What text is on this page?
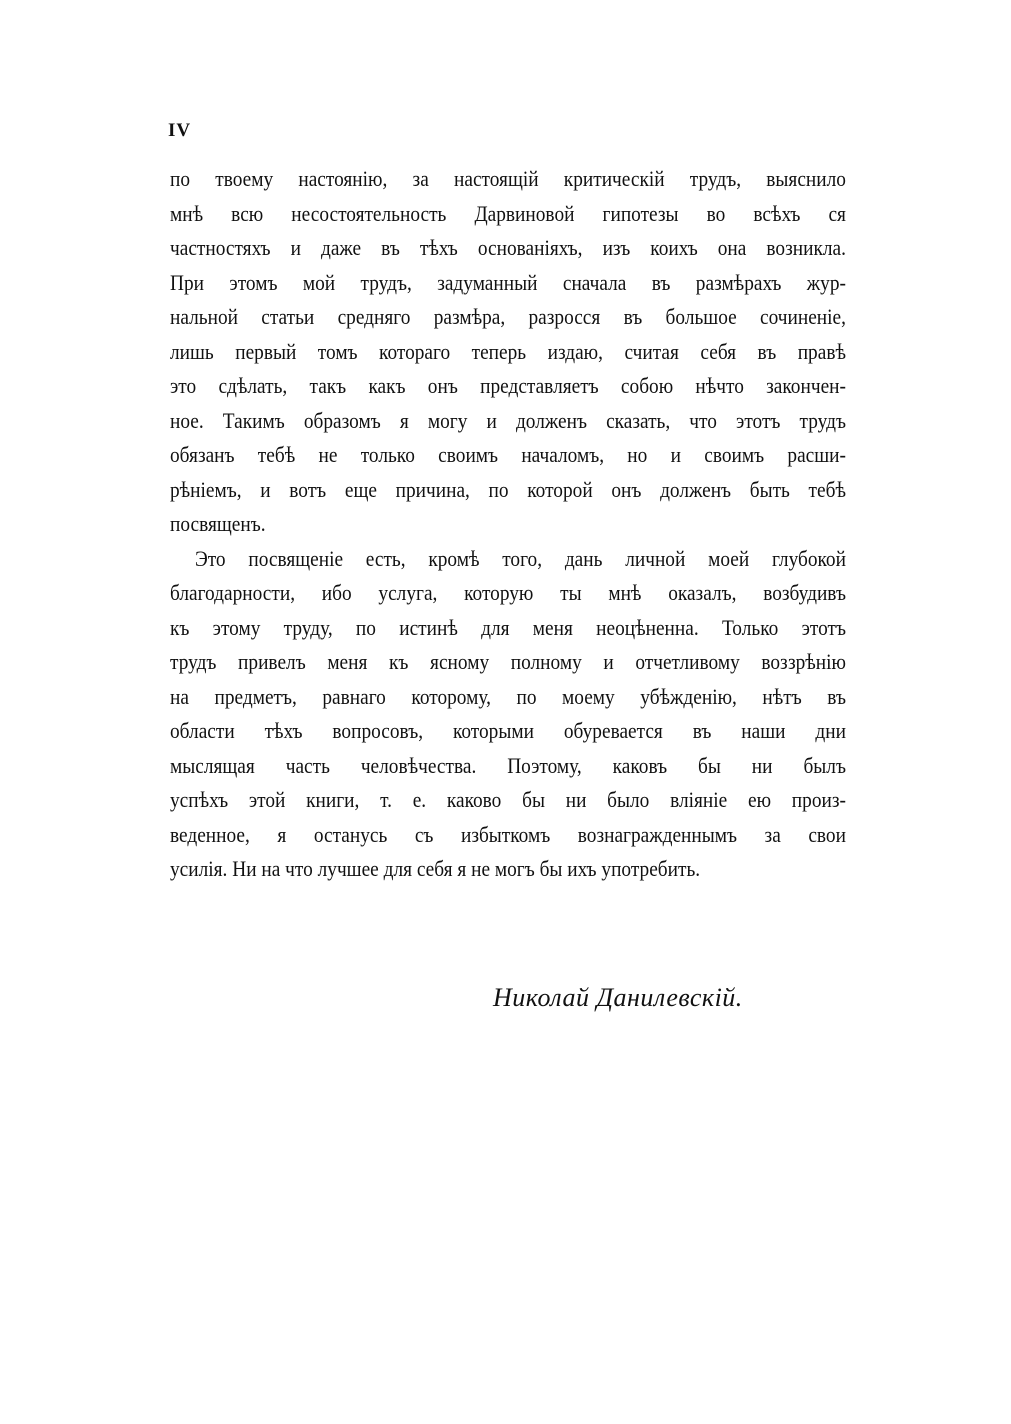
IV
по твоему настоянію, за настоящій критическій трудъ, выяснило
мнѣ всю несостоятельность Дарвиновой гипотезы во всѣхъ ся
частностяхъ и даже въ тѣхъ основаніяхъ, изъ коихъ она возникла.
При этомъ мой трудъ, задуманный сначала въ размѣрахъ жур-
нальной статьи средняго размѣра, разросся въ большое сочиненіе,
лишь первый томъ котораго теперь издаю, считая себя въ правѣ
это сдѣлать, такъ какъ онъ представляетъ собою нѣчто закончен-
ное. Такимъ образомъ я могу и долженъ сказать, что этотъ трудъ
обязанъ тебѣ не только своимъ началомъ, но и своимъ расши-
рѣніемъ, и вотъ еще причина, по которой онъ долженъ быть тебѣ
посвященъ.
Это посвященіе есть, кромѣ того, дань личной моей глубокой
благодарности, ибо услуга, которую ты мнѣ оказалъ, возбудивъ
къ этому труду, по истинѣ для меня неоцѣненна. Только этотъ
трудъ привелъ меня къ ясному полному и отчетливому воззрѣнію
на предметъ, равнаго которому, по моему убѣжденію, нѣтъ въ
области тѣхъ вопросовъ, которыми обуревается въ наши дни
мыслящая часть человѣчества. Поэтому, каковъ бы ни былъ
успѣхъ этой книги, т. е. каково бы ни было вліяніе ею произ-
веденное, я останусь съ избыткомъ вознагражденнымъ за свои
усилія. Ни на что лучшее для себя я не могъ бы ихъ употребить.
Николай Данилевскій.
